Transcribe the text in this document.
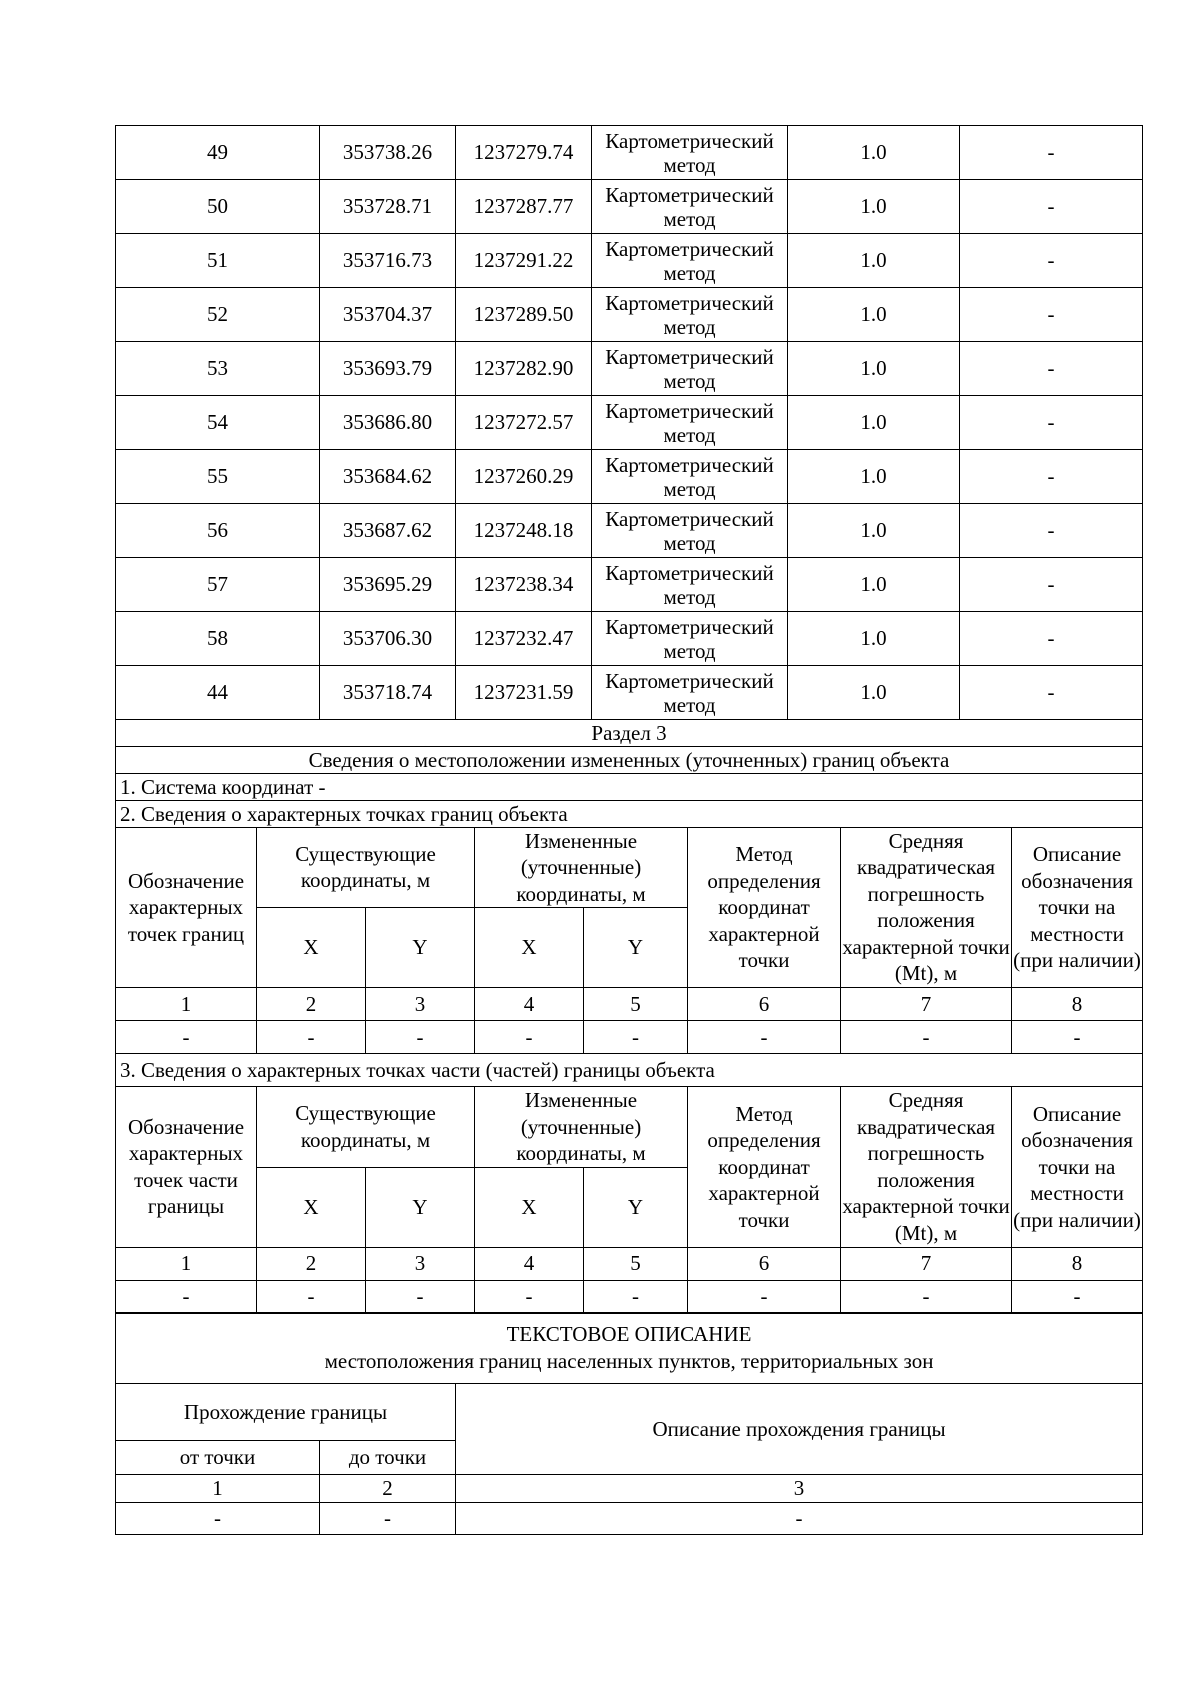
49	353738.26	1237279.74	Картометрический метод	1.0	-
50	353728.71	1237287.77	Картометрический метод	1.0	-
51	353716.73	1237291.22	Картометрический метод	1.0	-
52	353704.37	1237289.50	Картометрический метод	1.0	-
53	353693.79	1237282.90	Картометрический метод	1.0	-
54	353686.80	1237272.57	Картометрический метод	1.0	-
55	353684.62	1237260.29	Картометрический метод	1.0	-
56	353687.62	1237248.18	Картометрический метод	1.0	-
57	353695.29	1237238.34	Картометрический метод	1.0	-
58	353706.30	1237232.47	Картометрический метод	1.0	-
44	353718.74	1237231.59	Картометрический метод	1.0	-
Раздел 3					
Сведения о местоположении измененных (уточненных) границ объекта					
1. Система координат -					
2. Сведения о характерных точках границ объекта					
Обозначение характерных точек границ	Существующие координаты, м		Измененные (уточненные) координаты, м		Метод определения координат характерной точки	Средняя квадратическая погрешность положения характерной точки (Mt), м	Описание обозначения точки на местности (при наличии)
	X	Y	X	Y			
1	2	3	4	5	6	7	8
-	-	-	-	-	-	-	-
3. Сведения о характерных точках части (частей) границы объекта							
Обозначение характерных точек части границы	Существующие координаты, м		Измененные (уточненные) координаты, м		Метод определения координат характерной точки	Средняя квадратическая погрешность положения характерной точки (Mt), м	Описание обозначения точки на местности (при наличии)
	X	Y	X	Y			
1	2	3	4	5	6	7	8
-	-	-	-	-	-	-	-
ТЕКСТОВОЕ ОПИСАНИЕ
местоположения границ населенных пунктов, территориальных зон		

Прохождение границы		Описание прохождения границы
от точки	до точки	
1	2	3
-	-	-
